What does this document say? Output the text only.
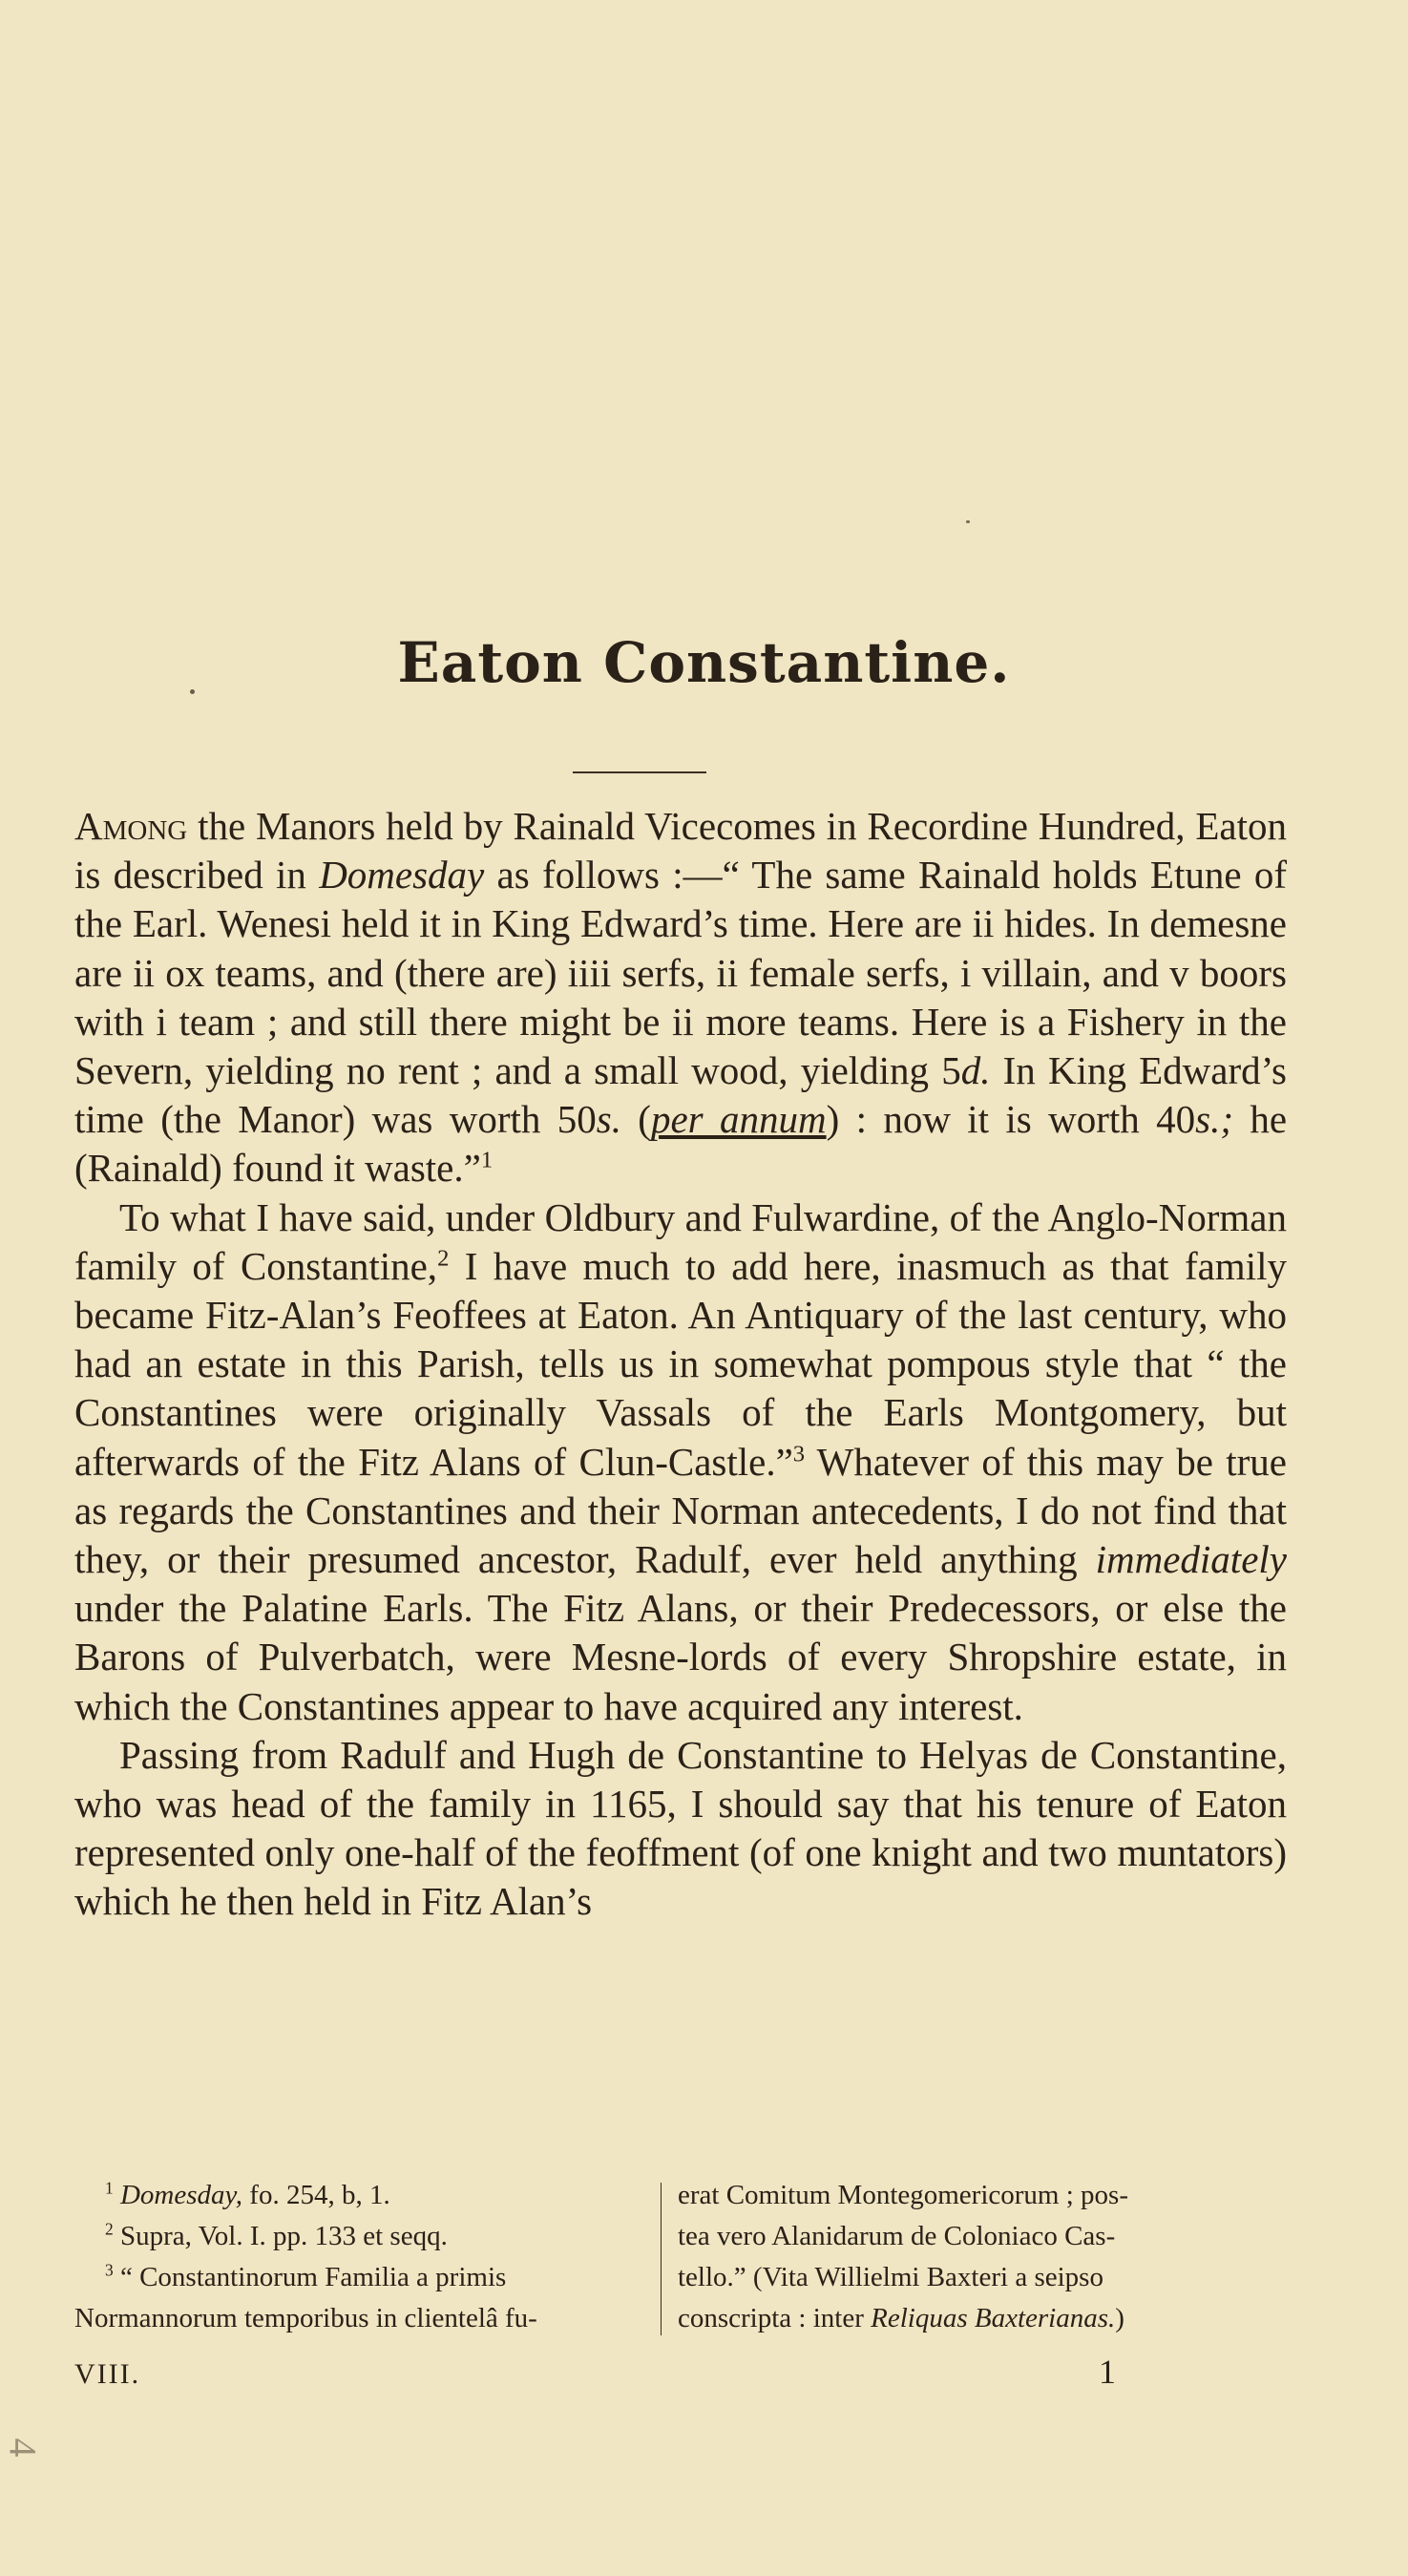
Eaton Constantine.

Among the Manors held by Rainald Vicecomes in Recordine Hundred, Eaton is described in Domesday as follows :—“ The same Rainald holds Etune of the Earl. Wenesi held it in King Edward’s time. Here are ii hides. In demesne are ii ox teams, and (there are) iiii serfs, ii female serfs, i villain, and v boors with i team ; and still there might be ii more teams. Here is a Fishery in the Severn, yielding no rent ; and a small wood, yielding 5d. In King Edward’s time (the Manor) was worth 50s. (per annum) : now it is worth 40s.; he (Rainald) found it waste.”$^1$

To what I have said, under Oldbury and Fulwardine, of the Anglo-Norman family of Constantine,$^2$ I have much to add here, inasmuch as that family became Fitz-Alan’s Feoffees at Eaton. An Antiquary of the last century, who had an estate in this Parish, tells us in somewhat pompous style that “ the Constantines were originally Vassals of the Earls Montgomery, but afterwards of the Fitz Alans of Clun-Castle.”$^3$ Whatever of this may be true as regards the Constantines and their Norman antecedents, I do not find that they, or their presumed ancestor, Radulf, ever held anything immediately under the Palatine Earls. The Fitz Alans, or their Predecessors, or else the Barons of Pulverbatch, were Mesne-lords of every Shropshire estate, in which the Constantines appear to have acquired any interest.

Passing from Radulf and Hugh de Constantine to Helyas de Constantine, who was head of the family in 1165, I should say that his tenure of Eaton represented only one-half of the feoffment (of one knight and two muntators) which he then held in Fitz Alan’s

$^1$ Domesday, fo. 254, b, 1.
$^2$ Supra, Vol. I. pp. 133 et seqq.
$^3$ “ Constantinorum Familia a primis
Normannorum temporibus in clientelâ fu-
erat Comitum Montegomericorum ; pos-
tea vero Alanidarum de Coloniaco Cas-
tello.” (Vita Willielmi Baxteri a seipso
conscripta : inter Reliquas Baxterianas.)
VIII.	1
4
